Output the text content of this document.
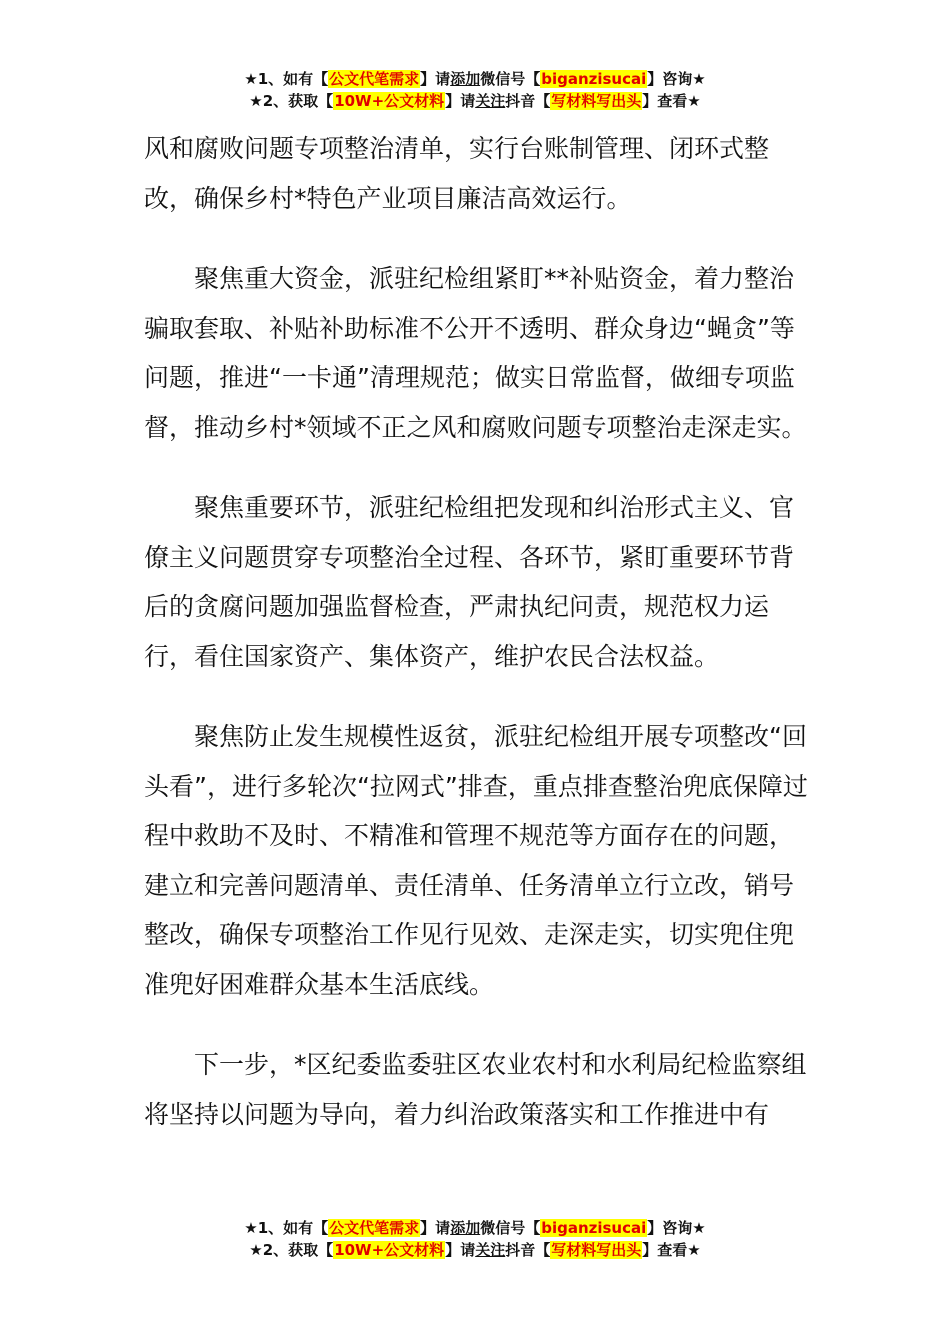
★1、如有【公文代笔需求】请添加微信号【biganzisucai】咨询★
★2、获取【10W+公文材料】请关注抖音【写材料写出头】查看★

风和腐败问题专项整治清单，实行台账制管理、闭环式整改，确保乡村*特色产业项目廉洁高效运行。

聚焦重大资金，派驻纪检组紧盯**补贴资金，着力整治骗取套取、补贴补助标准不公开不透明、群众身边“蝇贪”等问题，推进“一卡通”清理规范；做实日常监督，做细专项监督，推动乡村*领域不正之风和腐败问题专项整治走深走实。

聚焦重要环节，派驻纪检组把发现和纠治形式主义、官僚主义问题贯穿专项整治全过程、各环节，紧盯重要环节背后的贪腐问题加强监督检查，严肃执纪问责，规范权力运行，看住国家资产、集体资产，维护农民合法权益。

聚焦防止发生规模性返贫，派驻纪检组开展专项整改“回头看”，进行多轮次“拉网式”排查，重点排查整治兜底保障过程中救助不及时、不精准和管理不规范等方面存在的问题，建立和完善问题清单、责任清单、任务清单立行立改，销号整改，确保专项整治工作见行见效、走深走实，切实兜住兜准兜好困难群众基本生活底线。

下一步，*区纪委监委驻区农业农村和水利局纪检监察组将坚持以问题为导向，着力纠治政策落实和工作推进中有

★1、如有【公文代笔需求】请添加微信号【biganzisucai】咨询★
★2、获取【10W+公文材料】请关注抖音【写材料写出头】查看★
